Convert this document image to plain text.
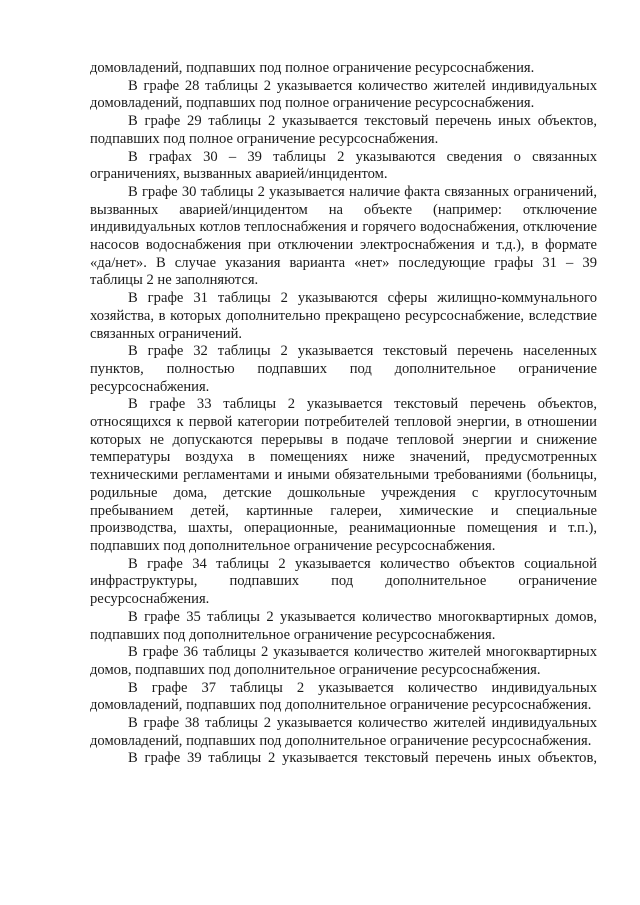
домовладений, подпавших под полное ограничение ресурсоснабжения.

В графе 28 таблицы 2 указывается количество жителей индивидуальных домовладений, подпавших под полное ограничение ресурсоснабжения.

В графе 29 таблицы 2 указывается текстовый перечень иных объектов, подпавших под полное ограничение ресурсоснабжения.

В графах 30 – 39 таблицы 2 указываются сведения о связанных ограничениях, вызванных аварией/инцидентом.

В графе 30 таблицы 2 указывается наличие факта связанных ограничений, вызванных аварией/инцидентом на объекте (например: отключение индивидуальных котлов теплоснабжения и горячего водоснабжения, отключение насосов водоснабжения при отключении электроснабжения и т.д.), в формате «да/нет». В случае указания варианта «нет» последующие графы 31 – 39 таблицы 2 не заполняются.

В графе 31 таблицы 2 указываются сферы жилищно-коммунального хозяйства, в которых дополнительно прекращено ресурсоснабжение, вследствие связанных ограничений.

В графе 32 таблицы 2 указывается текстовый перечень населенных пунктов, полностью подпавших под дополнительное ограничение ресурсоснабжения.

В графе 33 таблицы 2 указывается текстовый перечень объектов, относящихся к первой категории потребителей тепловой энергии, в отношении которых не допускаются перерывы в подаче тепловой энергии и снижение температуры воздуха в помещениях ниже значений, предусмотренных техническими регламентами и иными обязательными требованиями (больницы, родильные дома, детские дошкольные учреждения с круглосуточным пребыванием детей, картинные галереи, химические и специальные производства, шахты, операционные, реанимационные помещения и т.п.), подпавших под дополнительное ограничение ресурсоснабжения.

В графе 34 таблицы 2 указывается количество объектов социальной инфраструктуры, подпавших под дополнительное ограничение ресурсоснабжения.

В графе 35 таблицы 2 указывается количество многоквартирных домов, подпавших под дополнительное ограничение ресурсоснабжения.

В графе 36 таблицы 2 указывается количество жителей многоквартирных домов, подпавших под дополнительное ограничение ресурсоснабжения.

В графе 37 таблицы 2 указывается количество индивидуальных домовладений, подпавших под дополнительное ограничение ресурсоснабжения.

В графе 38 таблицы 2 указывается количество жителей индивидуальных домовладений, подпавших под дополнительное ограничение ресурсоснабжения.

В графе 39 таблицы 2 указывается текстовый перечень иных объектов,
